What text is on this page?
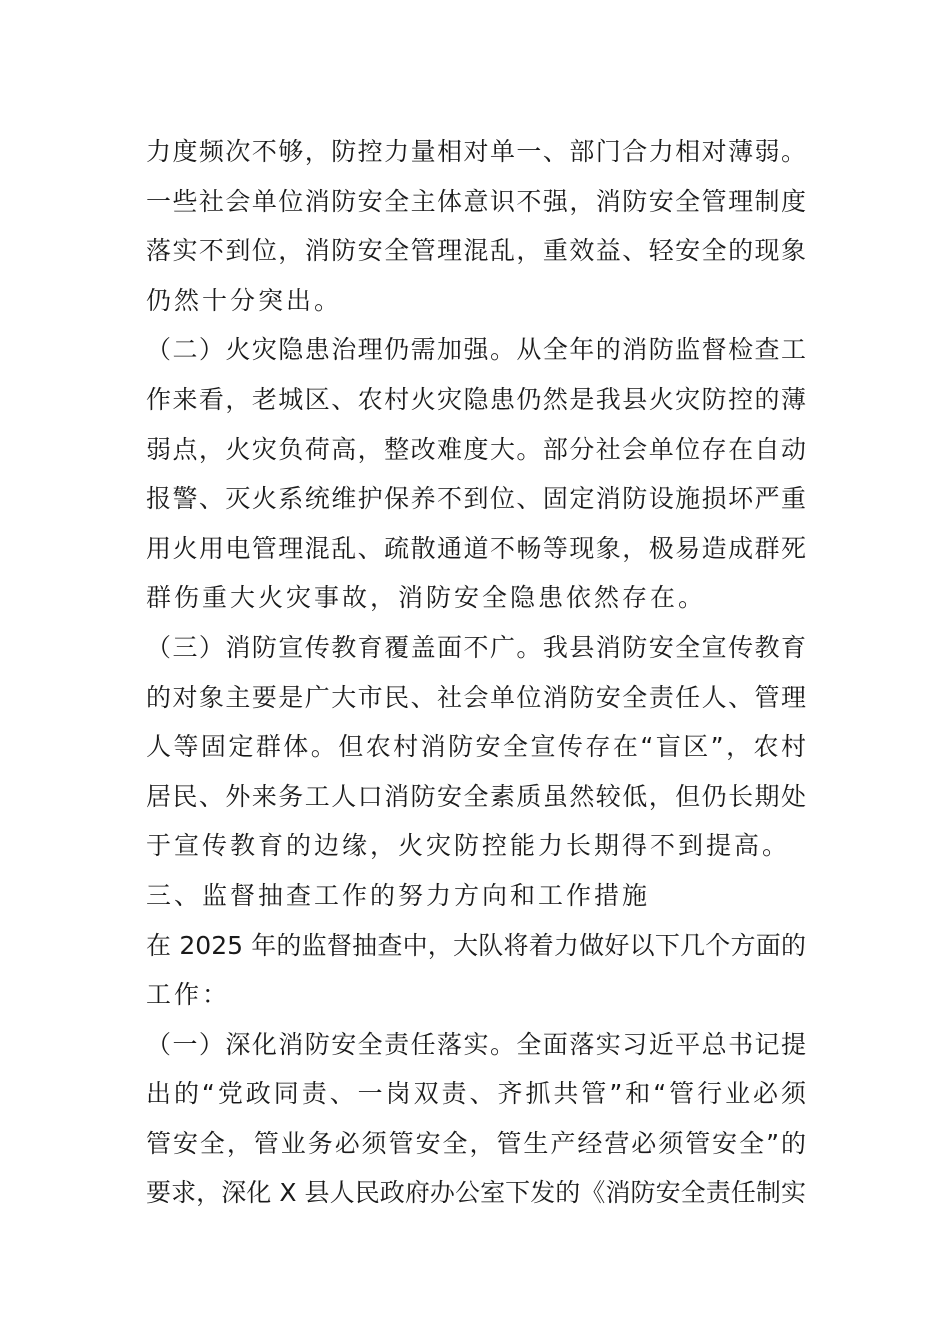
力度频次不够，防控力量相对单一、部门合力相对薄弱。
一些社会单位消防安全主体意识不强，消防安全管理制度
落实不到位，消防安全管理混乱，重效益、轻安全的现象
仍然十分突出。
（二）火灾隐患治理仍需加强。从全年的消防监督检查工
作来看，老城区、农村火灾隐患仍然是我县火灾防控的薄
弱点，火灾负荷高，整改难度大。部分社会单位存在自动
报警、灭火系统维护保养不到位、固定消防设施损坏严重
用火用电管理混乱、疏散通道不畅等现象，极易造成群死
群伤重大火灾事故，消防安全隐患依然存在。
（三）消防宣传教育覆盖面不广。我县消防安全宣传教育
的对象主要是广大市民、社会单位消防安全责任人、管理
人等固定群体。但农村消防安全宣传存在“盲区”，农村
居民、外来务工人口消防安全素质虽然较低，但仍长期处
于宣传教育的边缘，火灾防控能力长期得不到提高。
三、监督抽查工作的努力方向和工作措施
在 2025 年的监督抽查中，大队将着力做好以下几个方面的
工作：
（一）深化消防安全责任落实。全面落实习近平总书记提
出的“党政同责、一岗双责、齐抓共管”和“管行业必须
管安全，管业务必须管安全，管生产经营必须管安全”的
要求，深化 X 县人民政府办公室下发的《消防安全责任制实
